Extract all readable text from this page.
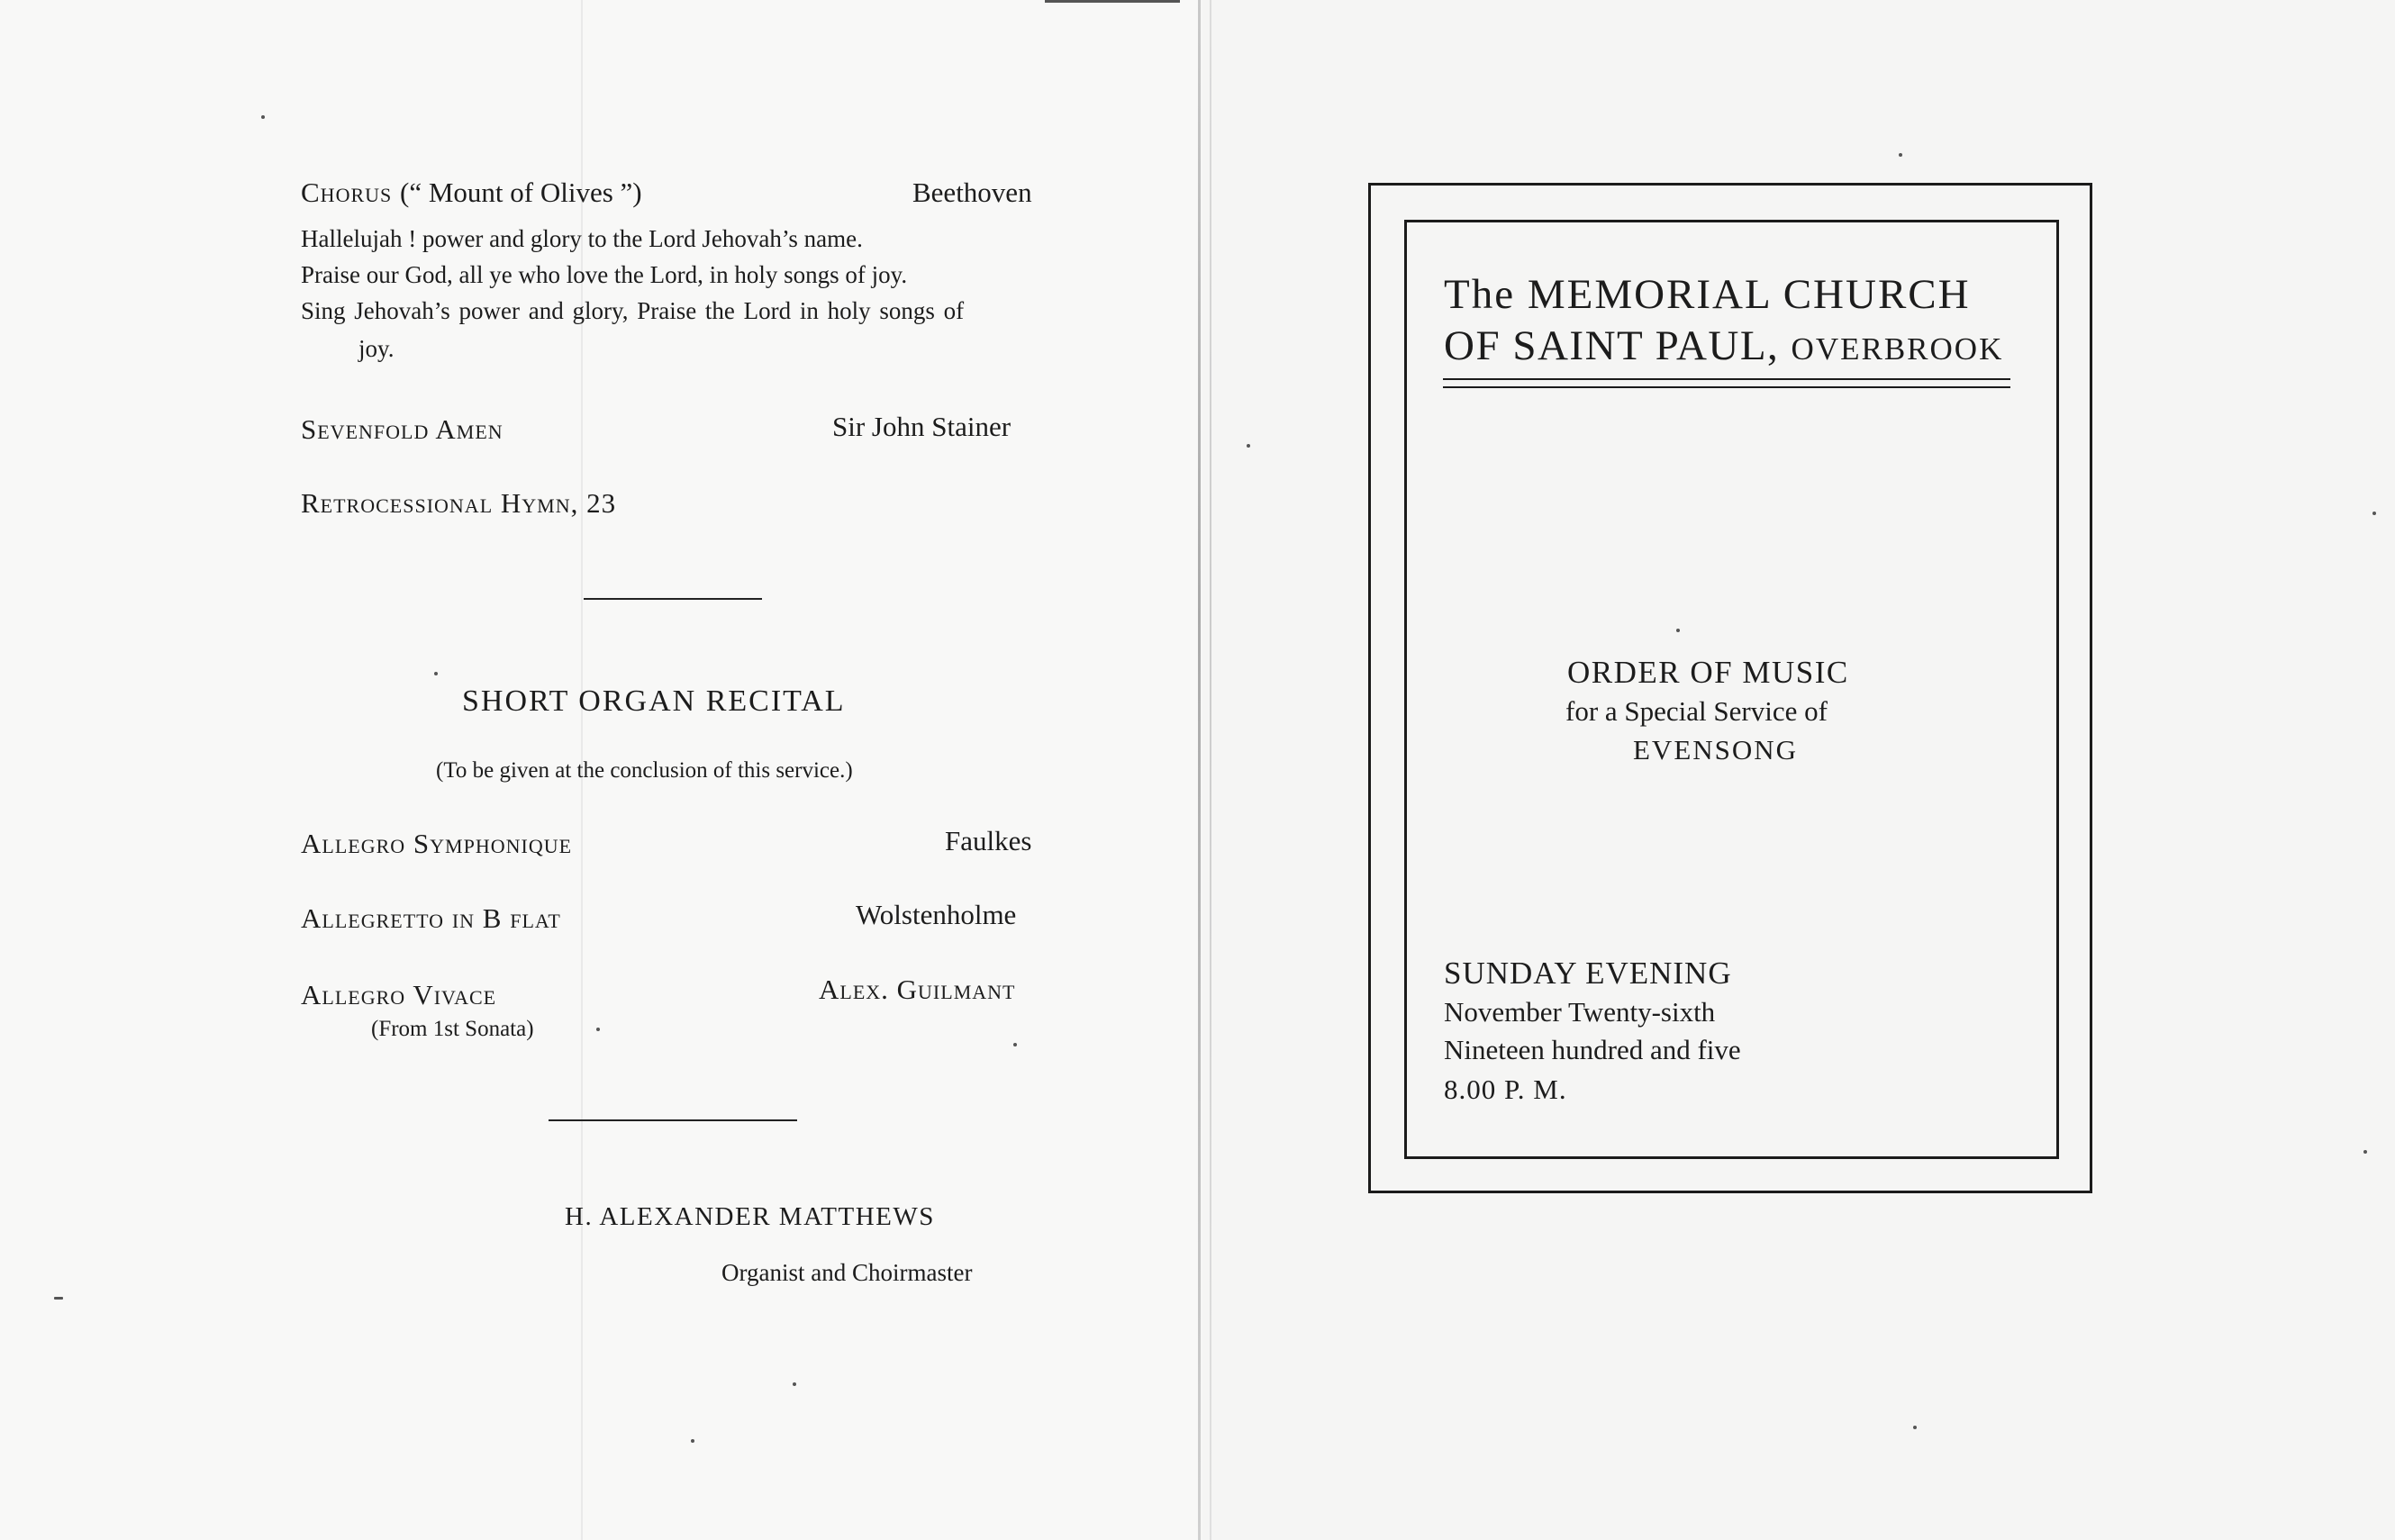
Chorus (“ Mount of Olives ”)	Beethoven
Hallelujah ! power and glory to the Lord Jehovah’s name.
Praise our God, all ye who love the Lord, in holy songs of joy.
Sing Jehovah’s power and glory, Praise the Lord in holy songs of
joy.
Sevenfold Amen	Sir John Stainer
Retrocessional Hymn, 23
SHORT ORGAN RECITAL
(To be given at the conclusion of this service.)
Allegro Symphonique	Faulkes
Allegretto in B flat	Wolstenholme
Allegro Vivace	Alex. Guilmant
(From 1st Sonata)
H. ALEXANDER MATTHEWS
Organist and Choirmaster
The MEMORIAL CHURCH
OF SAINT PAUL, OVERBROOK
ORDER OF MUSIC
for a Special Service of
EVENSONG
SUNDAY EVENING
November Twenty-sixth
Nineteen hundred and five
8.00 P. M.
